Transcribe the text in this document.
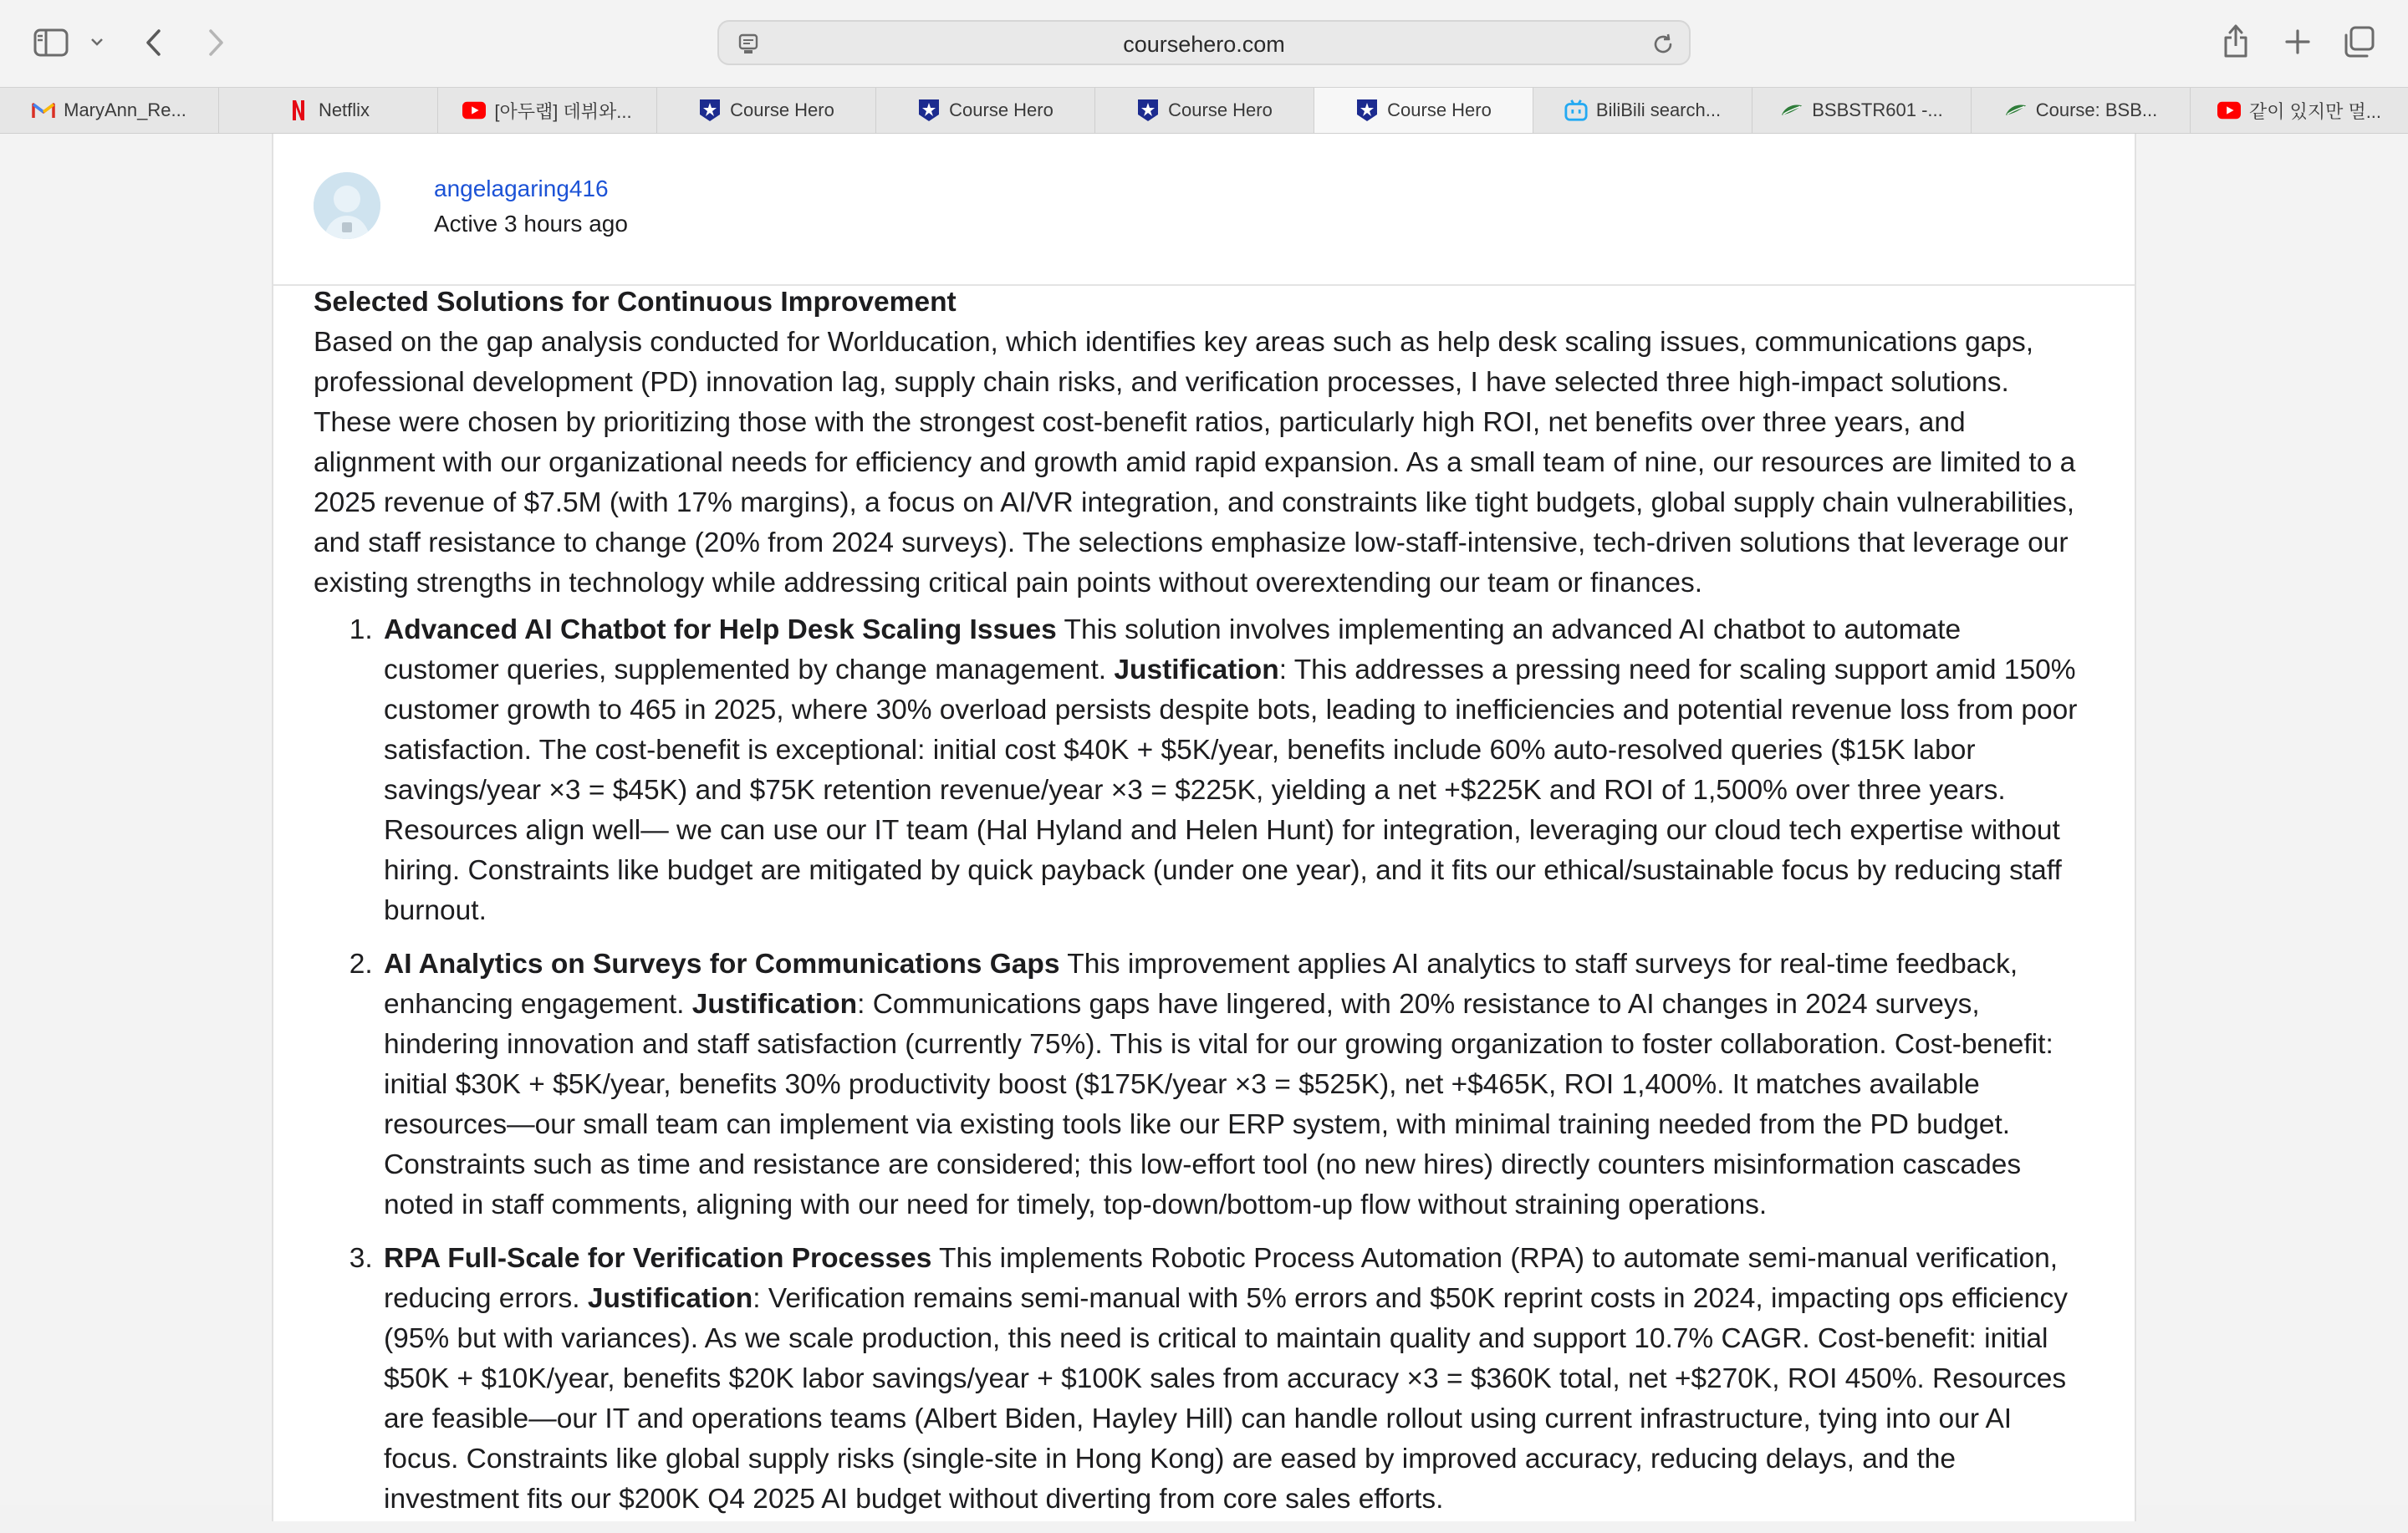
coursehero.com
MaryAnn_Re...	Netflix	[아두랩] 데뷔와...	Course Hero	Course Hero	Course Hero	Course Hero	BiliBili search...	BSBSTR601 -...	Course: BSB...	같이 있지만 멀...
angelagaring416
Active 3 hours ago
Selected Solutions for Continuous Improvement

Based on the gap analysis conducted for Worlducation, which identifies key areas such as help desk scaling issues, communications gaps, professional development (PD) innovation lag, supply chain risks, and verification processes, I have selected three high-impact solutions. These were chosen by prioritizing those with the strongest cost-benefit ratios, particularly high ROI, net benefits over three years, and alignment with our organizational needs for efficiency and growth amid rapid expansion. As a small team of nine, our resources are limited to a 2025 revenue of $7.5M (with 17% margins), a focus on AI/VR integration, and constraints like tight budgets, global supply chain vulnerabilities, and staff resistance to change (20% from 2024 surveys). The selections emphasize low-staff-intensive, tech-driven solutions that leverage our existing strengths in technology while addressing critical pain points without overextending our team or finances.

1. Advanced AI Chatbot for Help Desk Scaling Issues This solution involves implementing an advanced AI chatbot to automate customer queries, supplemented by change management. Justification: This addresses a pressing need for scaling support amid 150% customer growth to 465 in 2025, where 30% overload persists despite bots, leading to inefficiencies and potential revenue loss from poor satisfaction. The cost-benefit is exceptional: initial cost $40K + $5K/year, benefits include 60% auto-resolved queries ($15K labor savings/year ×3 = $45K) and $75K retention revenue/year ×3 = $225K, yielding a net +$225K and ROI of 1,500% over three years. Resources align well— we can use our IT team (Hal Hyland and Helen Hunt) for integration, leveraging our cloud tech expertise without hiring. Constraints like budget are mitigated by quick payback (under one year), and it fits our ethical/sustainable focus by reducing staff burnout.
2. AI Analytics on Surveys for Communications Gaps This improvement applies AI analytics to staff surveys for real-time feedback, enhancing engagement. Justification: Communications gaps have lingered, with 20% resistance to AI changes in 2024 surveys, hindering innovation and staff satisfaction (currently 75%). This is vital for our growing organization to foster collaboration. Cost-benefit: initial $30K + $5K/year, benefits 30% productivity boost ($175K/year ×3 = $525K), net +$465K, ROI 1,400%. It matches available resources—our small team can implement via existing tools like our ERP system, with minimal training needed from the PD budget. Constraints such as time and resistance are considered; this low-effort tool (no new hires) directly counters misinformation cascades noted in staff comments, aligning with our need for timely, top-down/bottom-up flow without straining operations.
3. RPA Full-Scale for Verification Processes This implements Robotic Process Automation (RPA) to automate semi-manual verification, reducing errors. Justification: Verification remains semi-manual with 5% errors and $50K reprint costs in 2024, impacting ops efficiency (95% but with variances). As we scale production, this need is critical to maintain quality and support 10.7% CAGR. Cost-benefit: initial $50K + $10K/year, benefits $20K labor savings/year + $100K sales from accuracy ×3 = $360K total, net +$270K, ROI 450%. Resources are feasible—our IT and operations teams (Albert Biden, Hayley Hill) can handle rollout using current infrastructure, tying into our AI focus. Constraints like global supply risks (single-site in Hong Kong) are eased by improved accuracy, reducing delays, and the investment fits our $200K Q4 2025 AI budget without diverting from core sales efforts.
